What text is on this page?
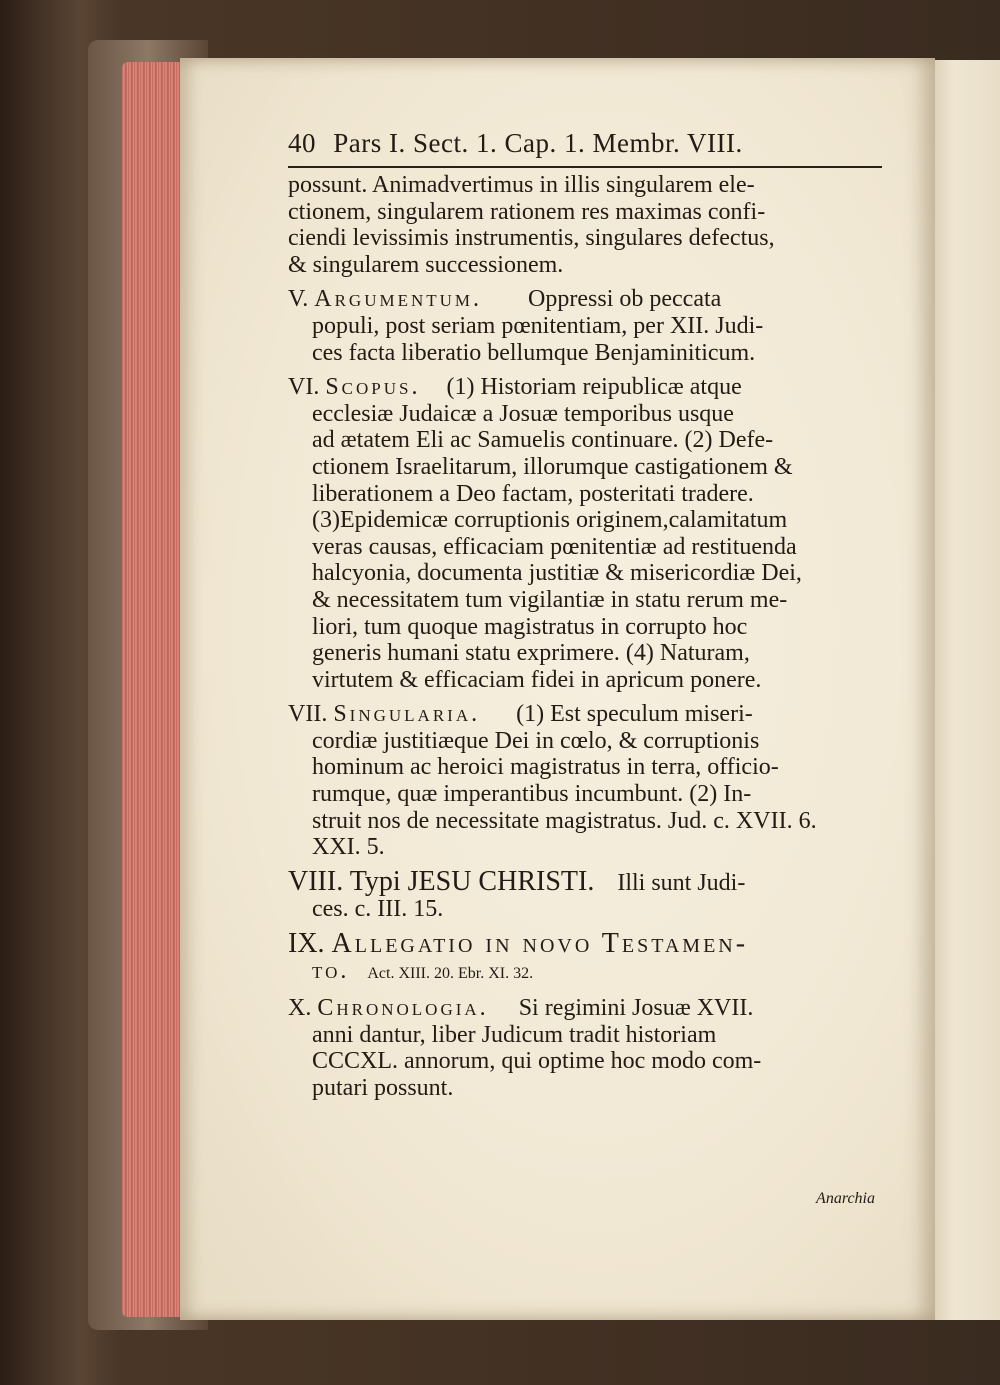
40 Pars I. Sect. 1. Cap. 1. Membr. VIII.
possunt. Animadvertimus in illis singularem ele-
ctionem, singularem rationem res maximas confi-
ciendi levissimis instrumentis, singulares defectus,
& singularem successionem.
V. Argumentum. Oppressi ob peccata
populi, post seriam pœnitentiam, per XII. Judi-
ces facta liberatio bellumque Benjaminiticum.
VI. Scopus. (1) Historiam reipublicæ atque
ecclesiæ Judaicæ a Josuæ temporibus usque
ad ætatem Eli ac Samuelis continuare. (2) Defe-
ctionem Israelitarum, illorumque castigationem &
liberationem a Deo factam, posteritati tradere.
(3)Epidemicæ corruptionis originem,calamitatum
veras causas, efficaciam pœnitentiæ ad restituenda
halcyonia, documenta justitiæ & misericordiæ Dei,
& necessitatem tum vigilantiæ in statu rerum me-
liori, tum quoque magistratus in corrupto hoc
generis humani statu exprimere. (4) Naturam,
virtutem & efficaciam fidei in apricum ponere.
VII. Singularia. (1) Est speculum miseri-
cordiæ justitiæque Dei in cœlo, & corruptionis
hominum ac heroici magistratus in terra, officio-
rumque, quæ imperantibus incumbunt. (2) In-
struit nos de necessitate magistratus. Jud. c. XVII. 6.
XXI. 5.
VIII. Typi JESU CHRISTI. Illi sunt Judi-
ces. c. III. 15.
IX. Allegatio in novo Testamen-
to. Act. XIII. 20. Ebr. XI. 32.
X. Chronologia. Si regimini Josuæ XVII.
anni dantur, liber Judicum tradit historiam
CCCXL. annorum, qui optime hoc modo com-
putari possunt.
Anarchia
